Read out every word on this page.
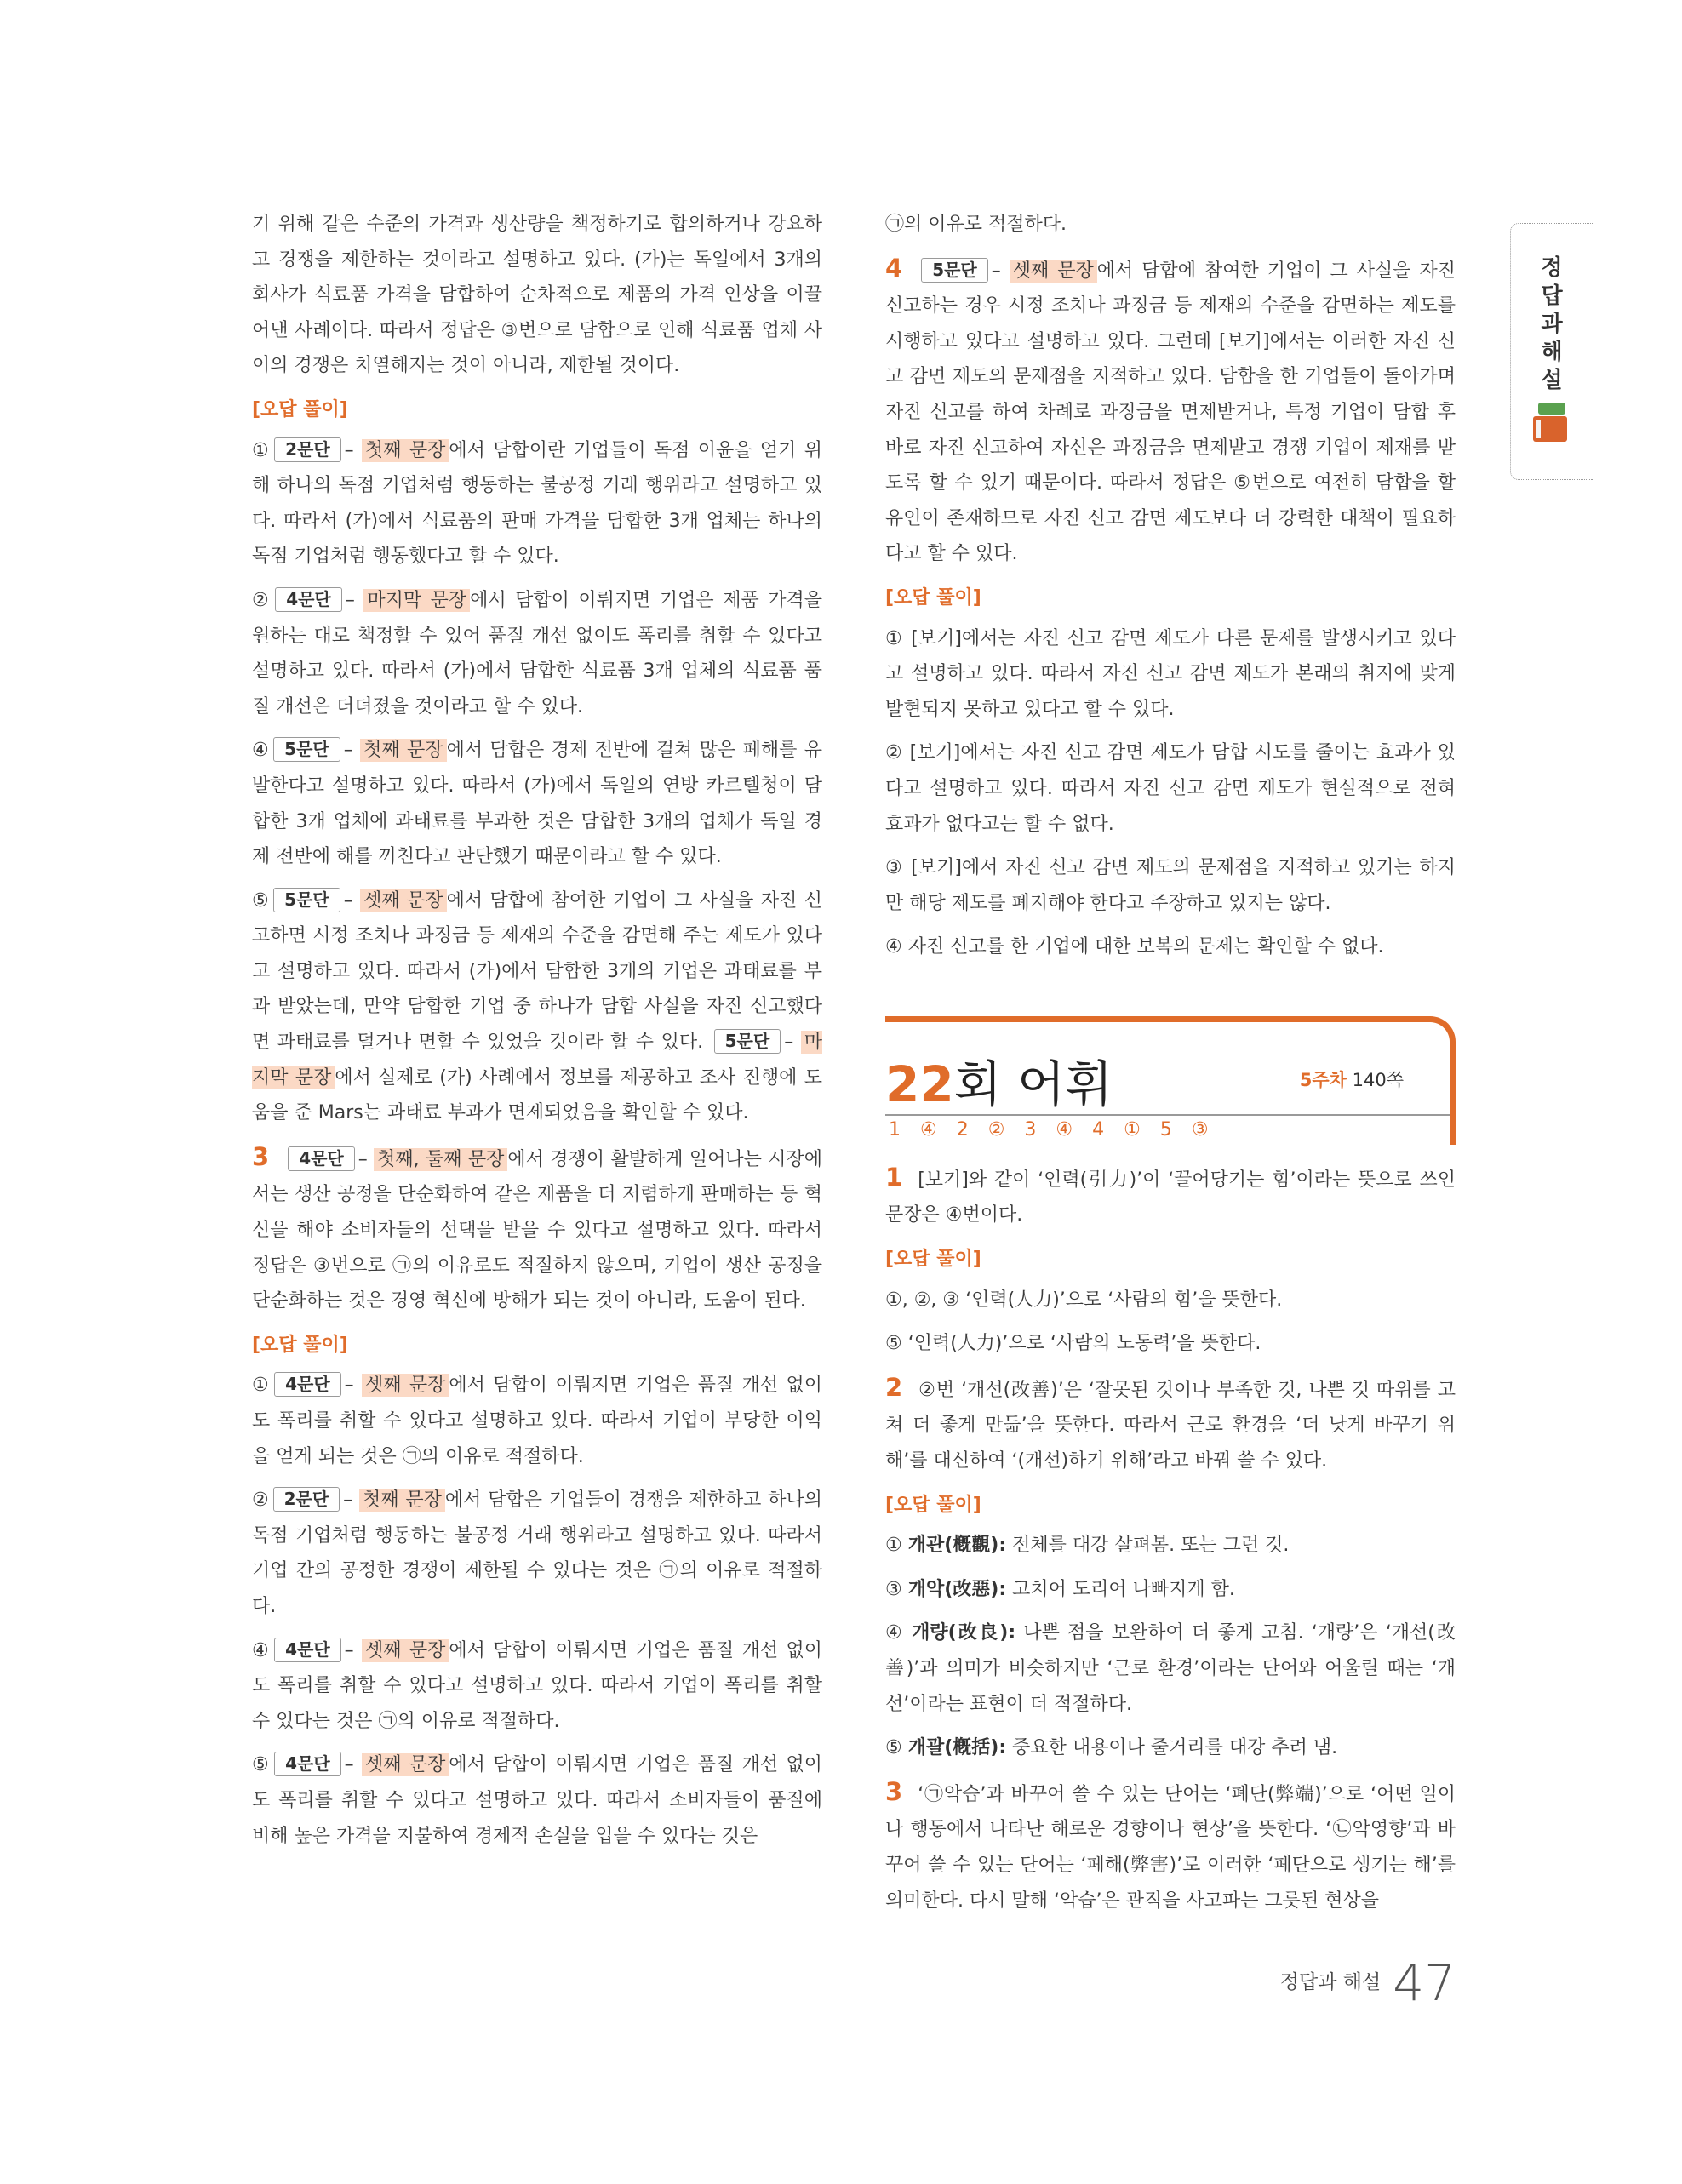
기 위해 같은 수준의 가격과 생산량을 책정하기로 합의하거나 강요하고 경쟁을 제한하는 것이라고 설명하고 있다. (가)는 독일에서 3개의 회사가 식료품 가격을 담합하여 순차적으로 제품의 가격 인상을 이끌어낸 사례이다. 따라서 정답은 ③번으로 담합으로 인해 식료품 업체 사이의 경쟁은 치열해지는 것이 아니라, 제한될 것이다.

[오답 풀이]

① 2문단 – 첫째 문장 에서 담합이란 기업들이 독점 이윤을 얻기 위해 하나의 독점 기업처럼 행동하는 불공정 거래 행위라고 설명하고 있다. 따라서 (가)에서 식료품의 판매 가격을 담합한 3개 업체는 하나의 독점 기업처럼 행동했다고 할 수 있다.

② 4문단 – 마지막 문장 에서 담합이 이뤄지면 기업은 제품 가격을 원하는 대로 책정할 수 있어 품질 개선 없이도 폭리를 취할 수 있다고 설명하고 있다. 따라서 (가)에서 담합한 식료품 3개 업체의 식료품 품질 개선은 더뎌졌을 것이라고 할 수 있다.

④ 5문단 – 첫째 문장 에서 담합은 경제 전반에 걸쳐 많은 폐해를 유발한다고 설명하고 있다. 따라서 (가)에서 독일의 연방 카르텔청이 담합한 3개 업체에 과태료를 부과한 것은 담합한 3개의 업체가 독일 경제 전반에 해를 끼친다고 판단했기 때문이라고 할 수 있다.

⑤ 5문단 – 셋째 문장 에서 담합에 참여한 기업이 그 사실을 자진 신고하면 시정 조치나 과징금 등 제재의 수준을 감면해 주는 제도가 있다고 설명하고 있다. 따라서 (가)에서 담합한 3개의 기업은 과태료를 부과 받았는데, 만약 담합한 기업 중 하나가 담합 사실을 자진 신고했다면 과태료를 덜거나 면할 수 있었을 것이라 할 수 있다. 5문단 – 마지막 문장 에서 실제로 (가) 사례에서 정보를 제공하고 조사 진행에 도움을 준 Mars는 과태료 부과가 면제되었음을 확인할 수 있다.

3 4문단 – 첫째, 둘째 문장 에서 경쟁이 활발하게 일어나는 시장에서는 생산 공정을 단순화하여 같은 제품을 더 저렴하게 판매하는 등 혁신을 해야 소비자들의 선택을 받을 수 있다고 설명하고 있다. 따라서 정답은 ③번으로 ㉠의 이유로도 적절하지 않으며, 기업이 생산 공정을 단순화하는 것은 경영 혁신에 방해가 되는 것이 아니라, 도움이 된다.

[오답 풀이]

① 4문단 – 셋째 문장 에서 담합이 이뤄지면 기업은 품질 개선 없이도 폭리를 취할 수 있다고 설명하고 있다. 따라서 기업이 부당한 이익을 얻게 되는 것은 ㉠의 이유로 적절하다.

② 2문단 – 첫째 문장 에서 담합은 기업들이 경쟁을 제한하고 하나의 독점 기업처럼 행동하는 불공정 거래 행위라고 설명하고 있다. 따라서 기업 간의 공정한 경쟁이 제한될 수 있다는 것은 ㉠의 이유로 적절하다.

④ 4문단 – 셋째 문장 에서 담합이 이뤄지면 기업은 품질 개선 없이도 폭리를 취할 수 있다고 설명하고 있다. 따라서 기업이 폭리를 취할 수 있다는 것은 ㉠의 이유로 적절하다.

⑤ 4문단 – 셋째 문장 에서 담합이 이뤄지면 기업은 품질 개선 없이도 폭리를 취할 수 있다고 설명하고 있다. 따라서 소비자들이 품질에 비해 높은 가격을 지불하여 경제적 손실을 입을 수 있다는 것은

㉠의 이유로 적절하다.

4 5문단 – 셋째 문장 에서 담합에 참여한 기업이 그 사실을 자진 신고하는 경우 시정 조치나 과징금 등 제재의 수준을 감면하는 제도를 시행하고 있다고 설명하고 있다. 그런데 [보기]에서는 이러한 자진 신고 감면 제도의 문제점을 지적하고 있다. 담합을 한 기업들이 돌아가며 자진 신고를 하여 차례로 과징금을 면제받거나, 특정 기업이 담합 후 바로 자진 신고하여 자신은 과징금을 면제받고 경쟁 기업이 제재를 받도록 할 수 있기 때문이다. 따라서 정답은 ⑤번으로 여전히 담합을 할 유인이 존재하므로 자진 신고 감면 제도보다 더 강력한 대책이 필요하다고 할 수 있다.

[오답 풀이]

① [보기]에서는 자진 신고 감면 제도가 다른 문제를 발생시키고 있다고 설명하고 있다. 따라서 자진 신고 감면 제도가 본래의 취지에 맞게 발현되지 못하고 있다고 할 수 있다.

② [보기]에서는 자진 신고 감면 제도가 담합 시도를 줄이는 효과가 있다고 설명하고 있다. 따라서 자진 신고 감면 제도가 현실적으로 전혀 효과가 없다고는 할 수 없다.

③ [보기]에서 자진 신고 감면 제도의 문제점을 지적하고 있기는 하지만 해당 제도를 폐지해야 한다고 주장하고 있지는 않다.

④ 자진 신고를 한 기업에 대한 보복의 문제는 확인할 수 없다.

22회 어휘	5주차 140쪽
1 ④ 2 ② 3 ④ 4 ① 5 ③

1 [보기]와 같이 ‘인력(引力)’이 ‘끌어당기는 힘’이라는 뜻으로 쓰인 문장은 ④번이다.

[오답 풀이]

①, ②, ③ ‘인력(人力)’으로 ‘사람의 힘’을 뜻한다.

⑤ ‘인력(人力)’으로 ‘사람의 노동력’을 뜻한다.

2 ②번 ‘개선(改善)’은 ‘잘못된 것이나 부족한 것, 나쁜 것 따위를 고쳐 더 좋게 만듦’을 뜻한다. 따라서 근로 환경을 ‘더 낫게 바꾸기 위해’를 대신하여 ‘(개선)하기 위해’라고 바꿔 쓸 수 있다.

[오답 풀이]

① 개관(槪觀): 전체를 대강 살펴봄. 또는 그런 것.

③ 개악(改惡): 고치어 도리어 나빠지게 함.

④ 개량(改良): 나쁜 점을 보완하여 더 좋게 고침. ‘개량’은 ‘개선(改善)’과 의미가 비슷하지만 ‘근로 환경’이라는 단어와 어울릴 때는 ‘개선’이라는 표현이 더 적절하다.

⑤ 개괄(槪括): 중요한 내용이나 줄거리를 대강 추려 냄.

3 ‘㉠악습’과 바꾸어 쓸 수 있는 단어는 ‘폐단(弊端)’으로 ‘어떤 일이나 행동에서 나타난 해로운 경향이나 현상’을 뜻한다. ‘㉡악영향’과 바꾸어 쓸 수 있는 단어는 ‘폐해(弊害)’로 이러한 ‘폐단으로 생기는 해’를 의미한다. 다시 말해 ‘악습’은 관직을 사고파는 그릇된 현상을

정
답
과
해
설
정답과 해설 47
